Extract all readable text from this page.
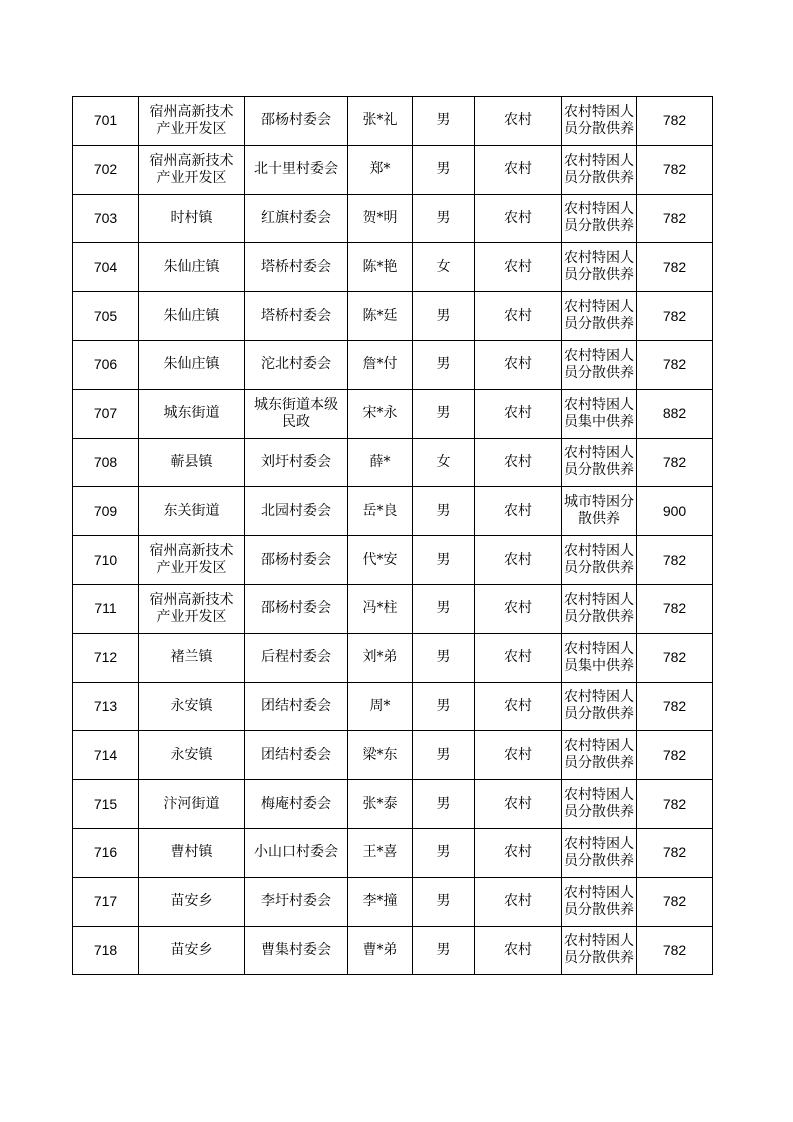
701	宿州高新技术产业开发区	邵杨村委会	张*礼	男	农村	农村特困人员分散供养	782
702	宿州高新技术产业开发区	北十里村委会	郑*	男	农村	农村特困人员分散供养	782
703	时村镇	红旗村委会	贺*明	男	农村	农村特困人员分散供养	782
704	朱仙庄镇	塔桥村委会	陈*艳	女	农村	农村特困人员分散供养	782
705	朱仙庄镇	塔桥村委会	陈*廷	男	农村	农村特困人员分散供养	782
706	朱仙庄镇	沱北村委会	詹*付	男	农村	农村特困人员分散供养	782
707	城东街道	城东街道本级民政	宋*永	男	农村	农村特困人员集中供养	882
708	蕲县镇	刘圩村委会	薛*	女	农村	农村特困人员分散供养	782
709	东关街道	北园村委会	岳*良	男	农村	城市特困分散供养	900
710	宿州高新技术产业开发区	邵杨村委会	代*安	男	农村	农村特困人员分散供养	782
711	宿州高新技术产业开发区	邵杨村委会	冯*柱	男	农村	农村特困人员分散供养	782
712	褚兰镇	后程村委会	刘*弟	男	农村	农村特困人员集中供养	782
713	永安镇	团结村委会	周*	男	农村	农村特困人员分散供养	782
714	永安镇	团结村委会	梁*东	男	农村	农村特困人员分散供养	782
715	汴河街道	梅庵村委会	张*泰	男	农村	农村特困人员分散供养	782
716	曹村镇	小山口村委会	王*喜	男	农村	农村特困人员分散供养	782
717	苗安乡	李圩村委会	李*撞	男	农村	农村特困人员分散供养	782
718	苗安乡	曹集村委会	曹*弟	男	农村	农村特困人员分散供养	782
